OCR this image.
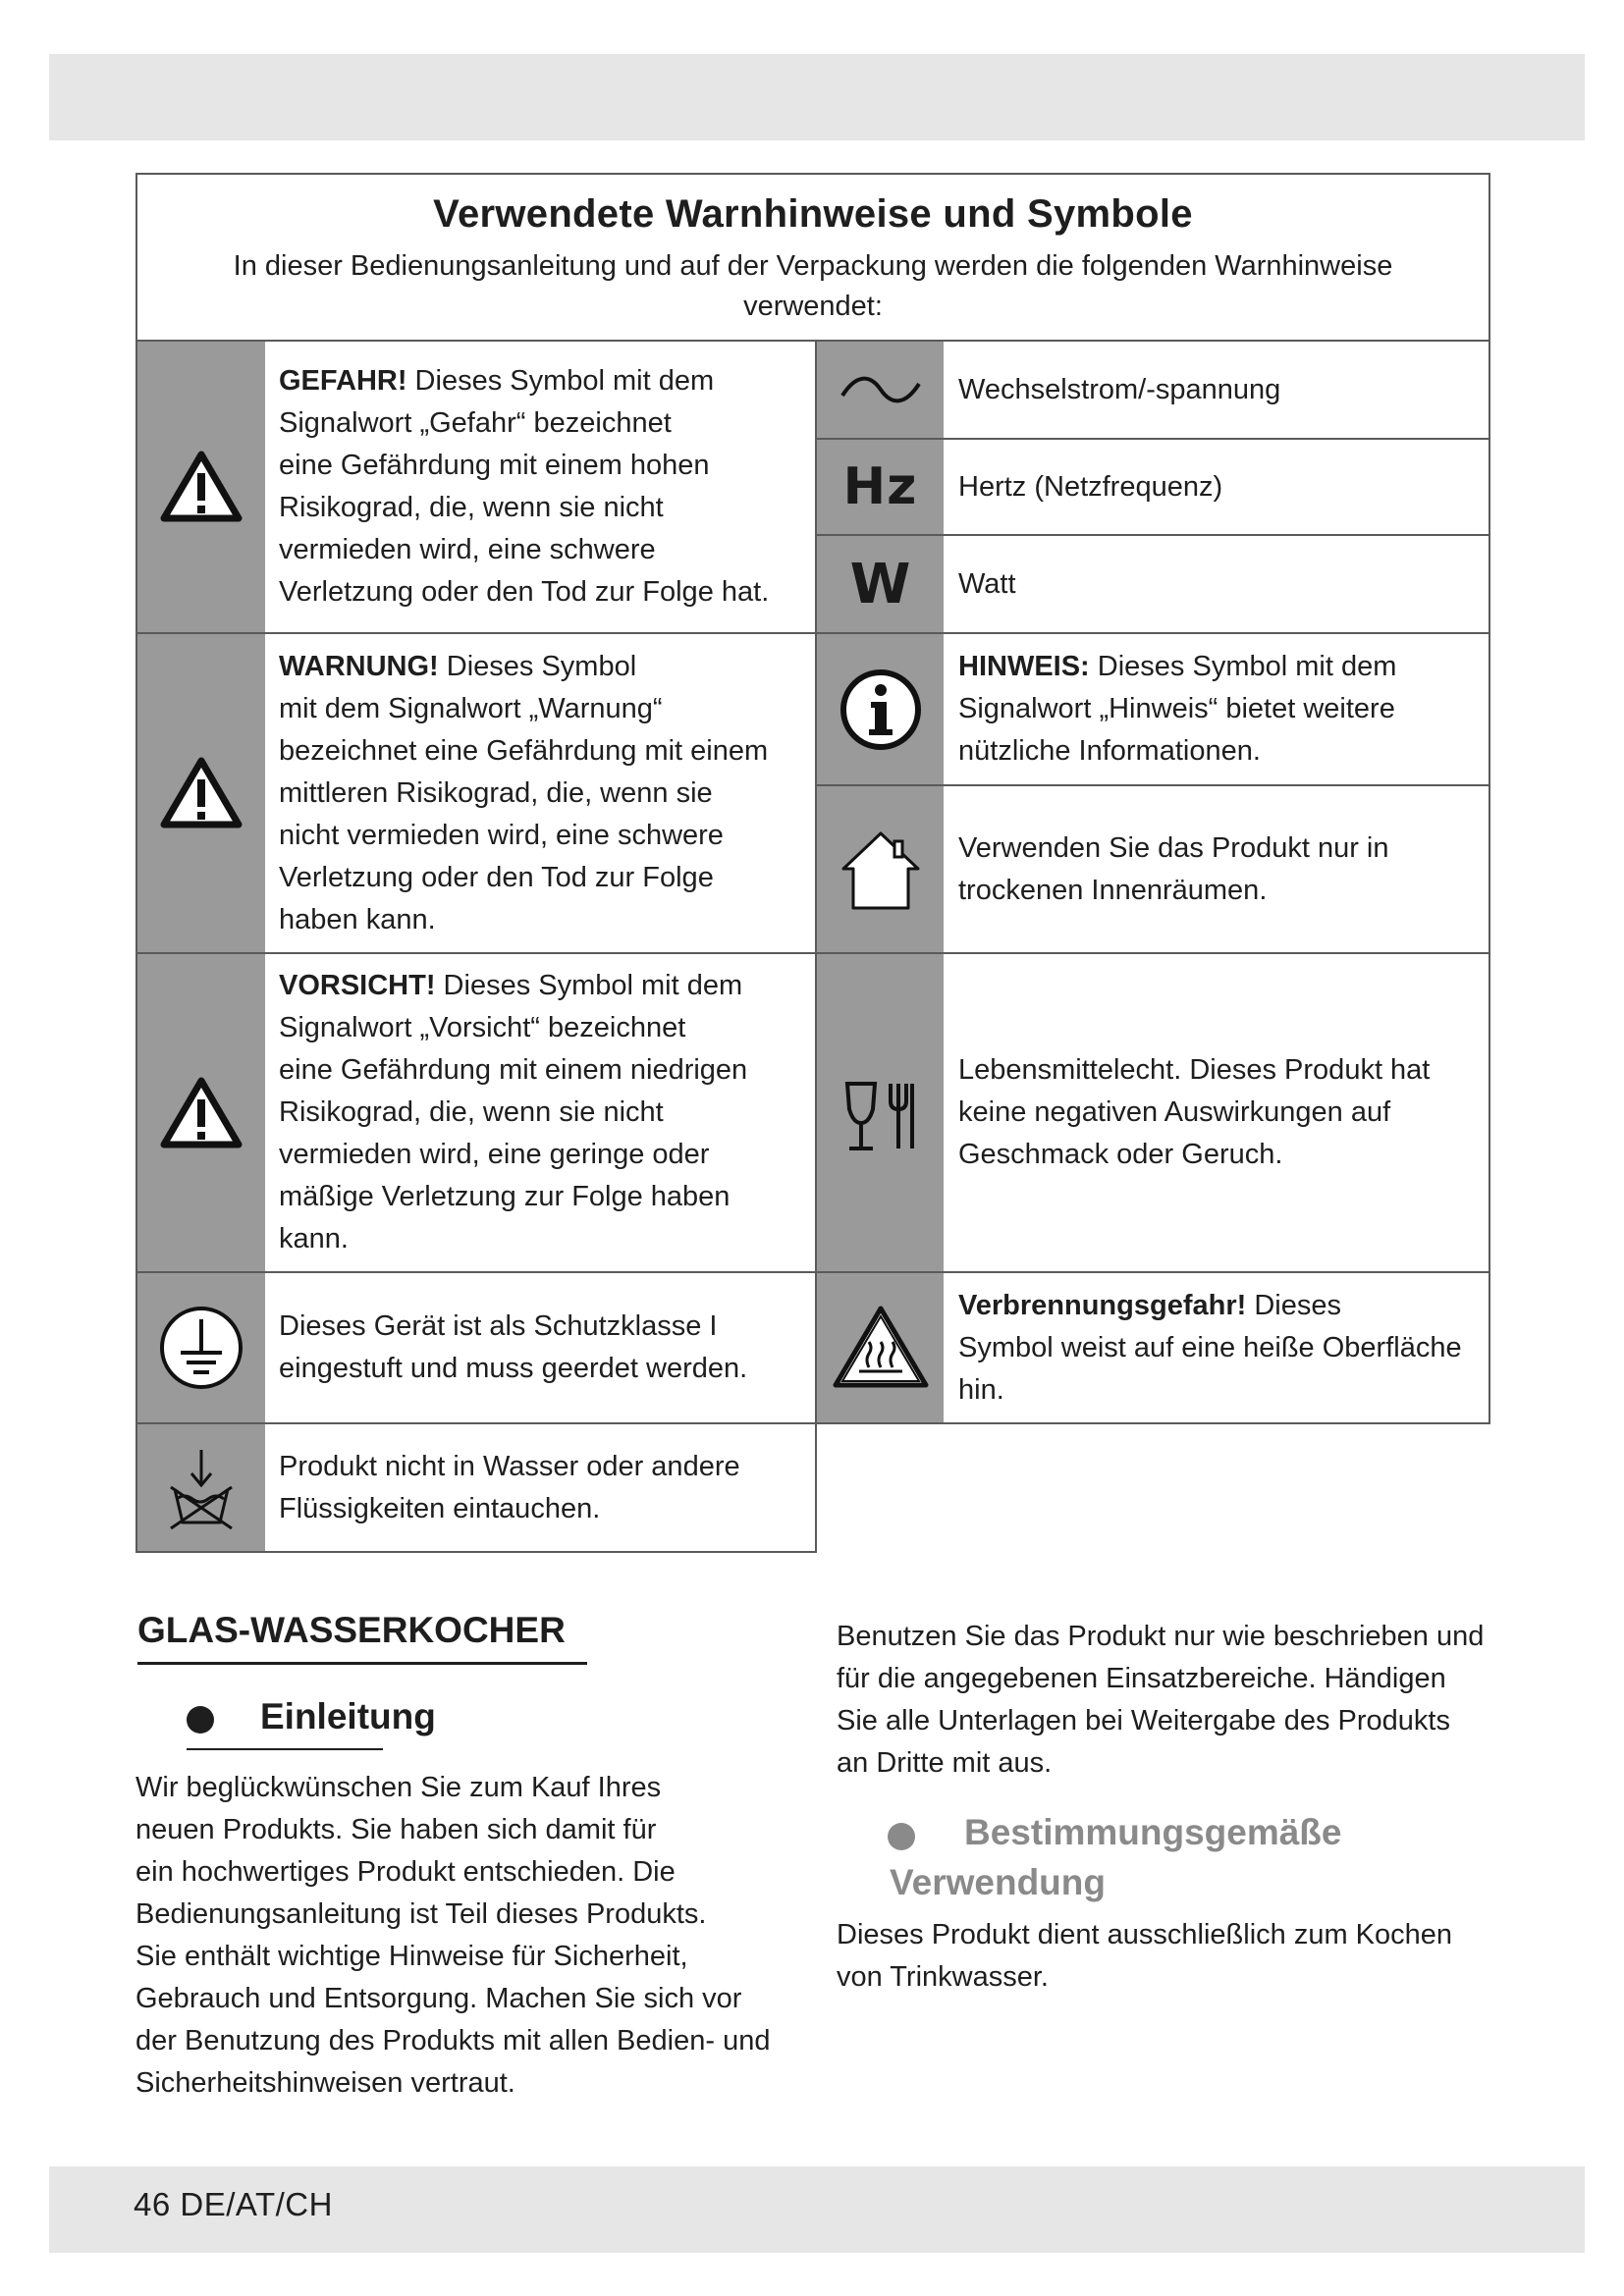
Verwendete Warnhinweise und Symbole
In dieser Bedienungsanleitung und auf der Verpackung werden die folgenden Warnhinweise verwendet:

GEFAHR! Dieses Symbol mit dem

Signalwort „Gefahr“ bezeichnet

eine Gefährdung mit einem hohen

Risikograd, die, wenn sie nicht

vermieden wird, eine schwere

Verletzung oder den Tod zur Folge hat.

WARNUNG! Dieses Symbol

mit dem Signalwort „Warnung“

bezeichnet eine Gefährdung mit einem

mittleren Risikograd, die, wenn sie

nicht vermieden wird, eine schwere

Verletzung oder den Tod zur Folge

haben kann.

VORSICHT! Dieses Symbol mit dem

Signalwort „Vorsicht“ bezeichnet

eine Gefährdung mit einem niedrigen

Risikograd, die, wenn sie nicht

vermieden wird, eine geringe oder

mäßige Verletzung zur Folge haben

kann.

Dieses Gerät ist als Schutzklasse I

eingestuft und muss geerdet werden.

Produkt nicht in Wasser oder andere

Flüssigkeiten eintauchen.

Wechselstrom/-spannung

Hz Hertz (Netzfrequenz)

W Watt

HINWEIS: Dieses Symbol mit dem

Signalwort „Hinweis“ bietet weitere

nützliche Informationen.

Verwenden Sie das Produkt nur in

trockenen Innenräumen.

Lebensmittelecht. Dieses Produkt hat

keine negativen Auswirkungen auf

Geschmack oder Geruch.

Verbrennungsgefahr! Dieses

Symbol weist auf eine heiße Oberfläche

hin.

GLAS-WASSERKOCHER
Einleitung

Wir beglückwünschen Sie zum Kauf Ihres

neuen Produkts. Sie haben sich damit für

ein hochwertiges Produkt entschieden. Die

Bedienungsanleitung ist Teil dieses Produkts.

Sie enthält wichtige Hinweise für Sicherheit,

Gebrauch und Entsorgung. Machen Sie sich vor

der Benutzung des Produkts mit allen Bedien- und

Sicherheitshinweisen vertraut.

Benutzen Sie das Produkt nur wie beschrieben und

für die angegebenen Einsatzbereiche. Händigen

Sie alle Unterlagen bei Weitergabe des Produkts

an Dritte mit aus.

Bestimmungsgemäße
Verwendung

Dieses Produkt dient ausschließlich zum Kochen

von Trinkwasser.

46 DE/AT/CH
